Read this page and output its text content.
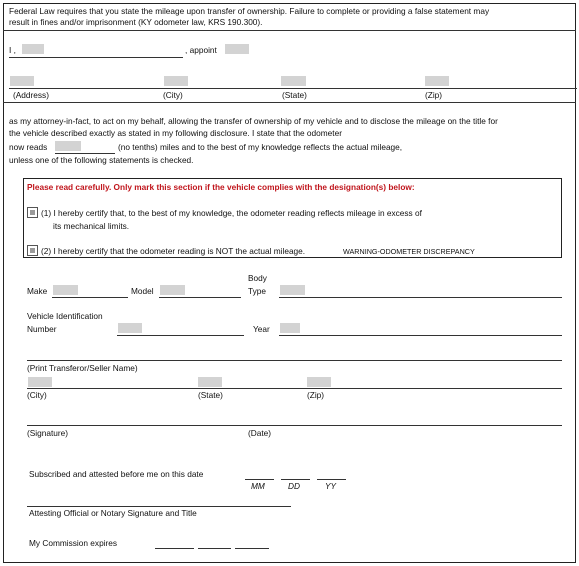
Federal Law requires that you state the mileage upon transfer of ownership. Failure to complete or providing a false statement may
result in fines and/or imprisonment (KY odometer law, KRS 190.300).
I ,	, appoint
(Address)	(City)	(State)	(Zip)
as my attorney-in-fact, to act on my behalf, allowing the transfer of ownership of my vehicle and to disclose the mileage on the title for
the vehicle described exactly as stated in my following disclosure. I state that the odometer
now reads	(no tenths) miles and to the best of my knowledge reflects the actual mileage,
unless one of the following statements is checked.
Please read carefully. Only mark this section if the vehicle complies with the designation(s) below:
(1) I hereby certify that, to the best of my knowledge, the odometer reading reflects mileage in excess of
its mechanical limits.
(2) I hereby certify that the odometer reading is NOT the actual mileage.	WARNING-ODOMETER DISCREPANCY
Body
Make	Model	Type
Vehicle Identification
Number	Year
(Print Transferor/Seller Name)
(City)	(State)	(Zip)
(Signature)	(Date)
Subscribed and attested before me on this date
MM	DD	YY
Attesting Official or Notary Signature and Title
My Commission expires
